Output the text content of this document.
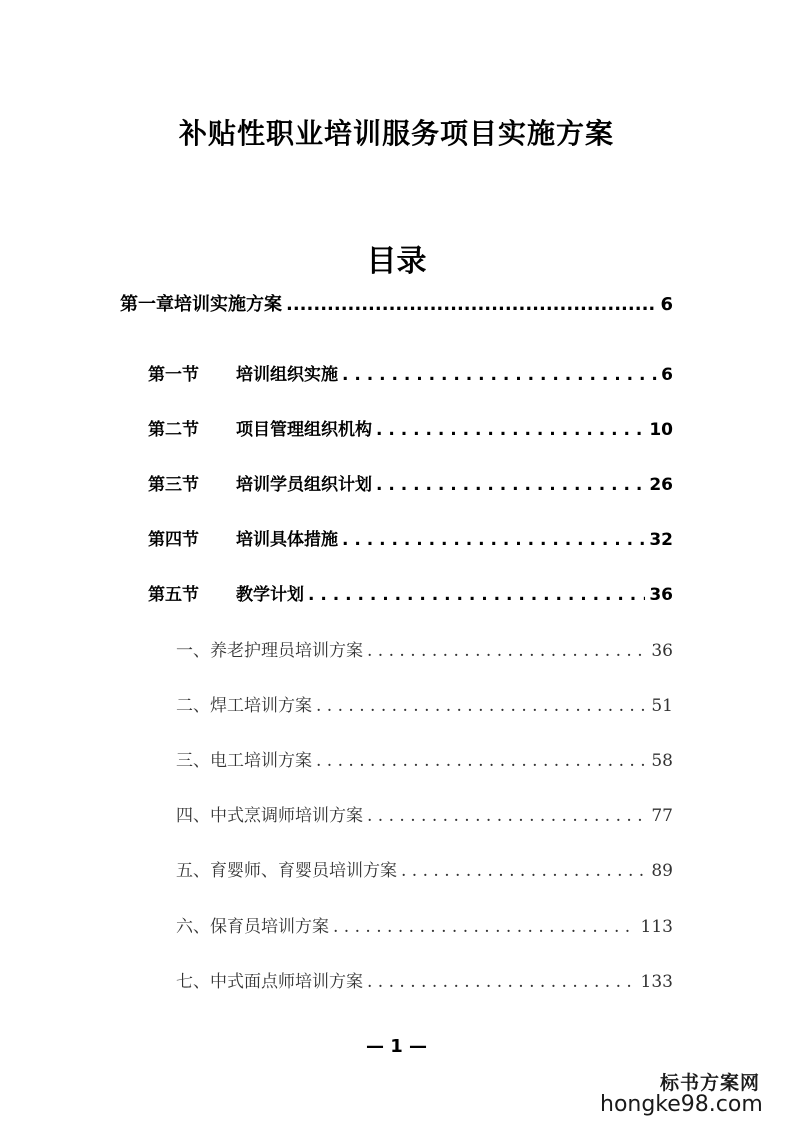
补贴性职业培训服务项目实施方案
目录
第一章培训实施方案 .....	6
第一节 培训组织实施 . . .	6
第二节 项目管理组织机构 . . .	10
第三节 培训学员组织计划 . . .	26
第四节 培训具体措施 . . .	32
第五节 教学计划 . . .	36
一、养老护理员培训方案 . . .	36
二、焊工培训方案 . . .	51
三、电工培训方案 . . .	58
四、中式烹调师培训方案 . . .	77
五、育婴师、育婴员培训方案 . . .	89
六、保育员培训方案 . . .	113
七、中式面点师培训方案 . . .	133
— 1 —
标书方案网
hongke98.com
